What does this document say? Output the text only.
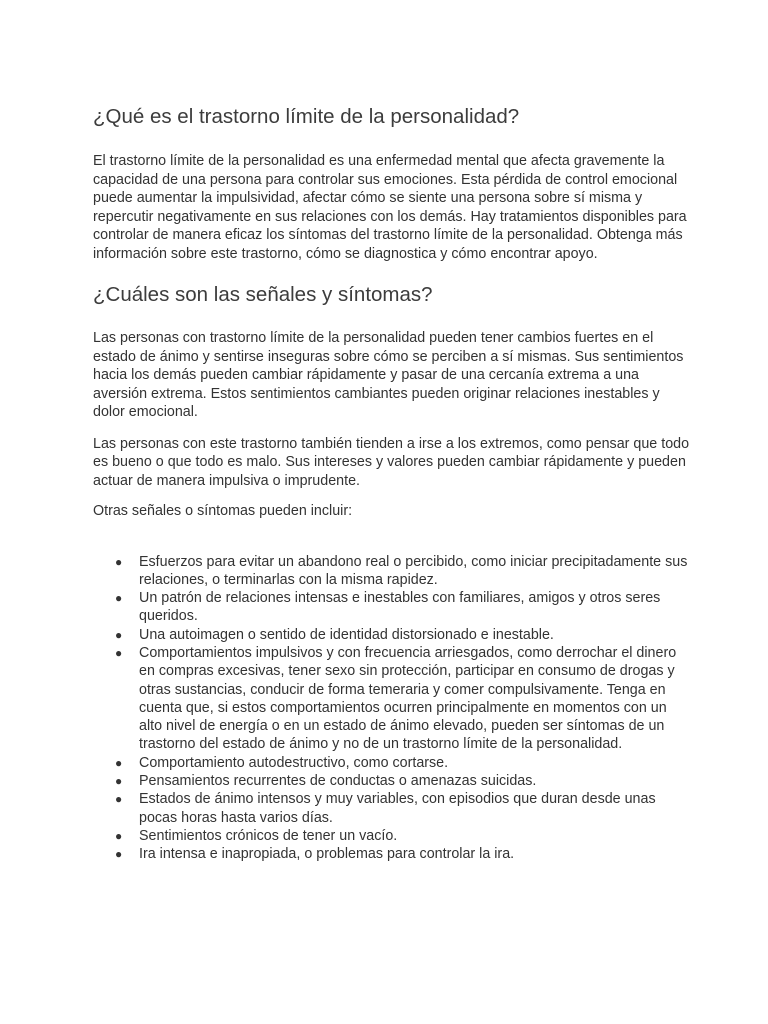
¿Qué es el trastorno límite de la personalidad?

El trastorno límite de la personalidad es una enfermedad mental que afecta gravemente la capacidad de una persona para controlar sus emociones. Esta pérdida de control emocional puede aumentar la impulsividad, afectar cómo se siente una persona sobre sí misma y repercutir negativamente en sus relaciones con los demás. Hay tratamientos disponibles para controlar de manera eficaz los síntomas del trastorno límite de la personalidad. Obtenga más información sobre este trastorno, cómo se diagnostica y cómo encontrar apoyo.

¿Cuáles son las señales y síntomas?

Las personas con trastorno límite de la personalidad pueden tener cambios fuertes en el estado de ánimo y sentirse inseguras sobre cómo se perciben a sí mismas. Sus sentimientos hacia los demás pueden cambiar rápidamente y pasar de una cercanía extrema a una aversión extrema. Estos sentimientos cambiantes pueden originar relaciones inestables y dolor emocional.

Las personas con este trastorno también tienden a irse a los extremos, como pensar que todo es bueno o que todo es malo. Sus intereses y valores pueden cambiar rápidamente y pueden actuar de manera impulsiva o imprudente.

Otras señales o síntomas pueden incluir:

● Esfuerzos para evitar un abandono real o percibido, como iniciar precipitadamente sus relaciones, o terminarlas con la misma rapidez.
● Un patrón de relaciones intensas e inestables con familiares, amigos y otros seres queridos.
● Una autoimagen o sentido de identidad distorsionado e inestable.
● Comportamientos impulsivos y con frecuencia arriesgados, como derrochar el dinero en compras excesivas, tener sexo sin protección, participar en consumo de drogas y otras sustancias, conducir de forma temeraria y comer compulsivamente. Tenga en cuenta que, si estos comportamientos ocurren principalmente en momentos con un alto nivel de energía o en un estado de ánimo elevado, pueden ser síntomas de un trastorno del estado de ánimo y no de un trastorno límite de la personalidad.
● Comportamiento autodestructivo, como cortarse.
● Pensamientos recurrentes de conductas o amenazas suicidas.
● Estados de ánimo intensos y muy variables, con episodios que duran desde unas pocas horas hasta varios días.
● Sentimientos crónicos de tener un vacío.
● Ira intensa e inapropiada, o problemas para controlar la ira.
